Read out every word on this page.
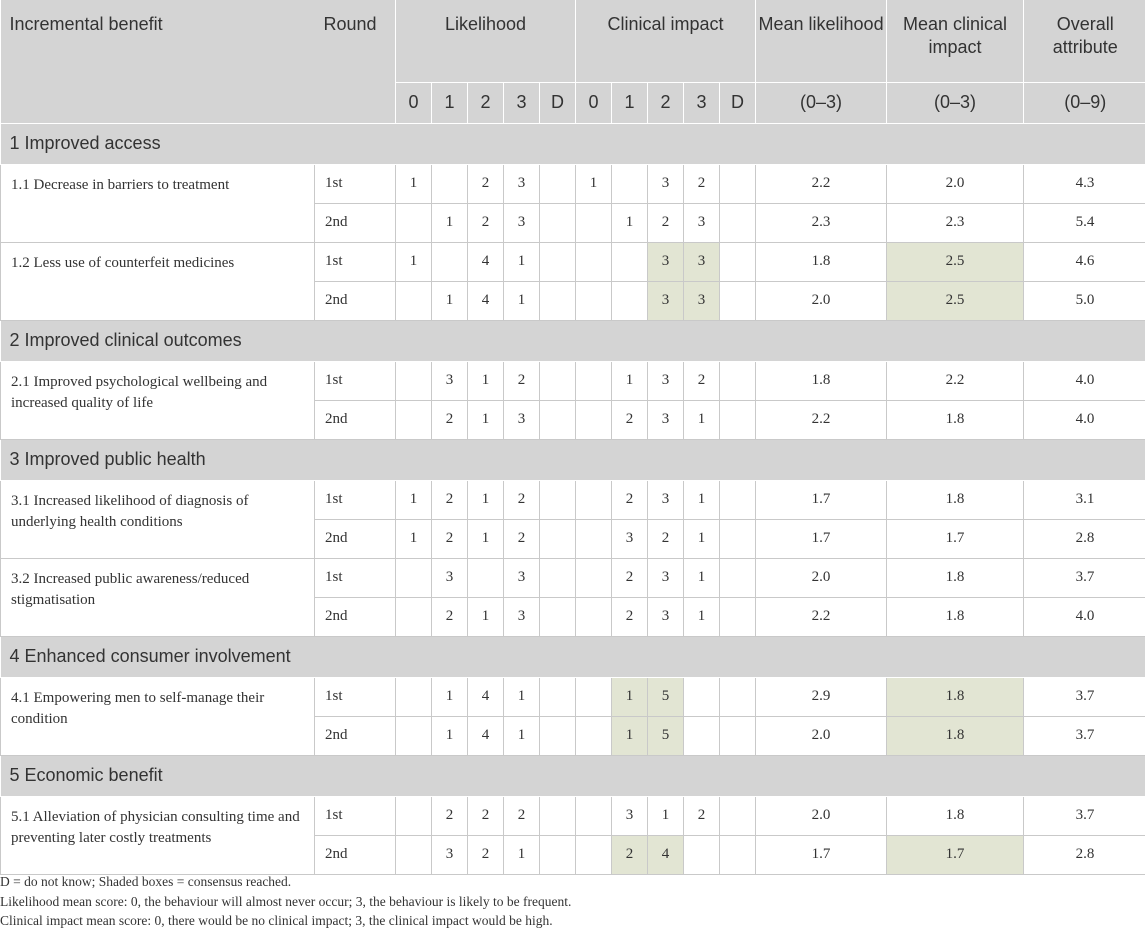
Incremental benefit	Round	Likelihood					Clinical impact					Mean likelihood	Mean clinical impact	Overall attribute
		0	1	2	3	D	0	1	2	3	D	(0–3)	(0–3)	(0–9)
1 Improved access														
1.1 Decrease in barriers to treatment	1st	1		2	3		1		3	2		2.2	2.0	4.3
	2nd		1	2	3			1	2	3		2.3	2.3	5.4
1.2 Less use of counterfeit medicines	1st	1		4	1				3	3		1.8	2.5	4.6
	2nd		1	4	1				3	3		2.0	2.5	5.0
2 Improved clinical outcomes														
2.1 Improved psychological wellbeing and increased quality of life	1st		3	1	2			1	3	2		1.8	2.2	4.0
	2nd		2	1	3			2	3	1		2.2	1.8	4.0
3 Improved public health														
3.1 Increased likelihood of diagnosis of underlying health conditions	1st	1	2	1	2			2	3	1		1.7	1.8	3.1
	2nd	1	2	1	2			3	2	1		1.7	1.7	2.8
3.2 Increased public awareness/reduced stigmatisation	1st		3		3			2	3	1		2.0	1.8	3.7
	2nd		2	1	3			2	3	1		2.2	1.8	4.0
4 Enhanced consumer involvement														
4.1 Empowering men to self-manage their condition	1st		1	4	1			1	5			2.9	1.8	3.7
	2nd		1	4	1			1	5			2.0	1.8	3.7
5 Economic benefit														
5.1 Alleviation of physician consulting time and preventing later costly treatments	1st		2	2	2			3	1	2		2.0	1.8	3.7
	2nd		3	2	1			2	4			1.7	1.7	2.8
D = do not know; Shaded boxes = consensus reached.
Likelihood mean score: 0, the behaviour will almost never occur; 3, the behaviour is likely to be frequent.
Clinical impact mean score: 0, there would be no clinical impact; 3, the clinical impact would be high.
